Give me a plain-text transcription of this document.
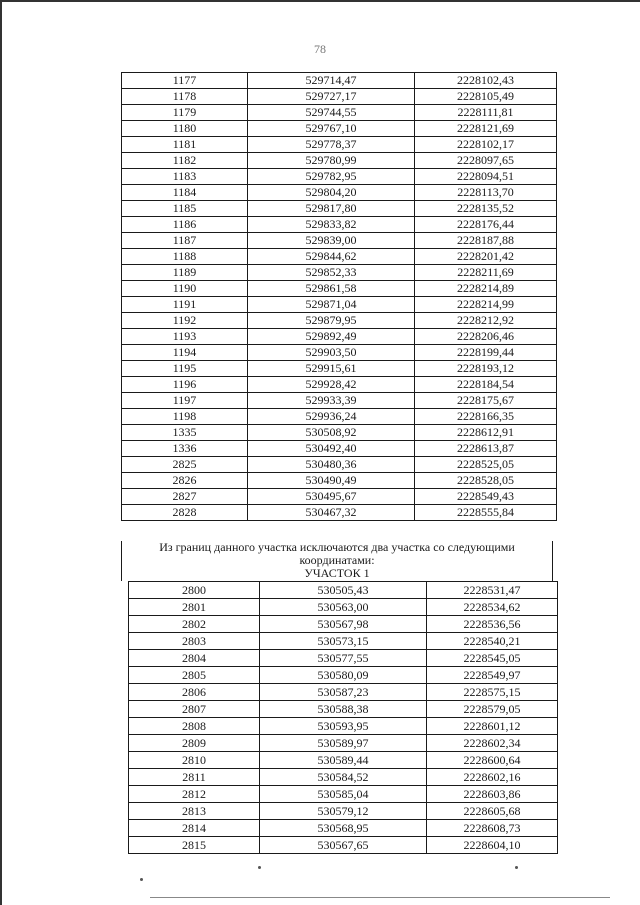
78
1177	529714,47	2228102,43
1178	529727,17	2228105,49
1179	529744,55	2228111,81
1180	529767,10	2228121,69
1181	529778,37	2228102,17
1182	529780,99	2228097,65
1183	529782,95	2228094,51
1184	529804,20	2228113,70
1185	529817,80	2228135,52
1186	529833,82	2228176,44
1187	529839,00	2228187,88
1188	529844,62	2228201,42
1189	529852,33	2228211,69
1190	529861,58	2228214,89
1191	529871,04	2228214,99
1192	529879,95	2228212,92
1193	529892,49	2228206,46
1194	529903,50	2228199,44
1195	529915,61	2228193,12
1196	529928,42	2228184,54
1197	529933,39	2228175,67
1198	529936,24	2228166,35
1335	530508,92	2228612,91
1336	530492,40	2228613,87
2825	530480,36	2228525,05
2826	530490,49	2228528,05
2827	530495,67	2228549,43
2828	530467,32	2228555,84
Из границ данного участка исключаются два участка со следующими
координатами:
УЧАСТОК 1
2800	530505,43	2228531,47
2801	530563,00	2228534,62
2802	530567,98	2228536,56
2803	530573,15	2228540,21
2804	530577,55	2228545,05
2805	530580,09	2228549,97
2806	530587,23	2228575,15
2807	530588,38	2228579,05
2808	530593,95	2228601,12
2809	530589,97	2228602,34
2810	530589,44	2228600,64
2811	530584,52	2228602,16
2812	530585,04	2228603,86
2813	530579,12	2228605,68
2814	530568,95	2228608,73
2815	530567,65	2228604,10
